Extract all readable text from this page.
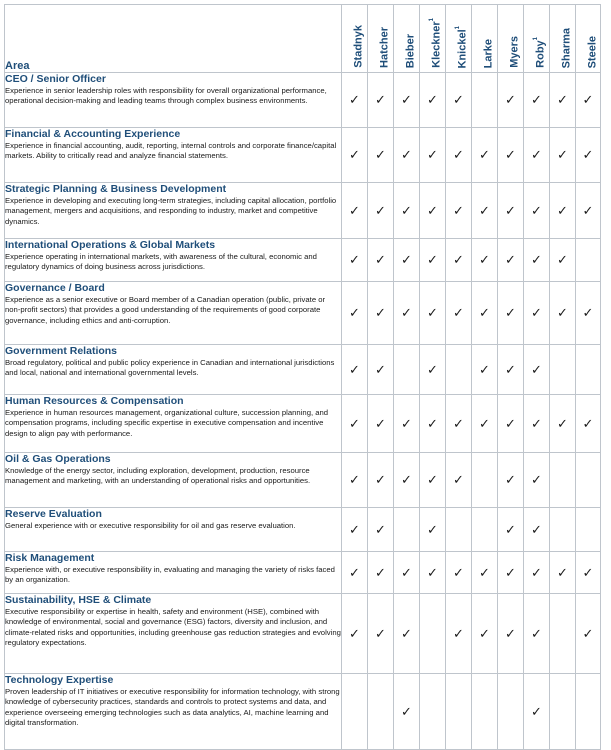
Area	Stadnyk	Hatcher	Bieber	Kleckner$^1$	Knickel$^1$	Larke	Myers	Roby$^1$	Sharma	Steele

CEO / Senior Officer
Experience in senior leadership roles with responsibility for overall organizational performance, operational decision-making and leading teams through complex business environments.	✓	✓	✓	✓	✓		✓	✓	✓	✓

Financial & Accounting Experience
Experience in financial accounting, audit, reporting, internal controls and corporate finance/capital markets. Ability to critically read and analyze financial statements.	✓	✓	✓	✓	✓	✓	✓	✓	✓	✓

Strategic Planning & Business Development
Experience in developing and executing long-term strategies, including capital allocation, portfolio management, mergers and acquisitions, and responding to industry, market and competitive dynamics.	✓	✓	✓	✓	✓	✓	✓	✓	✓	✓

International Operations & Global Markets
Experience operating in international markets, with awareness of the cultural, economic and regulatory dynamics of doing business across jurisdictions.	✓	✓	✓	✓	✓	✓	✓	✓	✓	

Governance / Board
Experience as a senior executive or Board member of a Canadian operation (public, private or non-profit sectors) that provides a good understanding of the requirements of good corporate governance, including ethics and anti-corruption.	✓	✓	✓	✓	✓	✓	✓	✓	✓	✓

Government Relations
Broad regulatory, political and public policy experience in Canadian and international jurisdictions and local, national and international governmental levels.	✓	✓		✓		✓	✓	✓		

Human Resources & Compensation
Experience in human resources management, organizational culture, succession planning, and compensation programs, including specific expertise in executive compensation and incentive design to align pay with performance.	✓	✓	✓	✓	✓	✓	✓	✓	✓	✓

Oil & Gas Operations
Knowledge of the energy sector, including exploration, development, production, resource management and marketing, with an understanding of operational risks and opportunities.	✓	✓	✓	✓	✓		✓	✓		

Reserve Evaluation
General experience with or executive responsibility for oil and gas reserve evaluation.	✓	✓		✓			✓	✓		

Risk Management
Experience with, or executive responsibility in, evaluating and managing the variety of risks faced by an organization.	✓	✓	✓	✓	✓	✓	✓	✓	✓	✓

Sustainability, HSE & Climate
Executive responsibility or expertise in health, safety and environment (HSE), combined with knowledge of environmental, social and governance (ESG) factors, diversity and inclusion, and climate-related risks and opportunities, including greenhouse gas reduction strategies and evolving regulatory expectations.	✓	✓	✓		✓	✓	✓	✓		✓

Technology Expertise
Proven leadership of IT initiatives or executive responsibility for information technology, with strong knowledge of cybersecurity practices, standards and controls to protect systems and data, and experience overseeing emerging technologies such as data analytics, AI, machine learning and digital transformation.			✓					✓		
